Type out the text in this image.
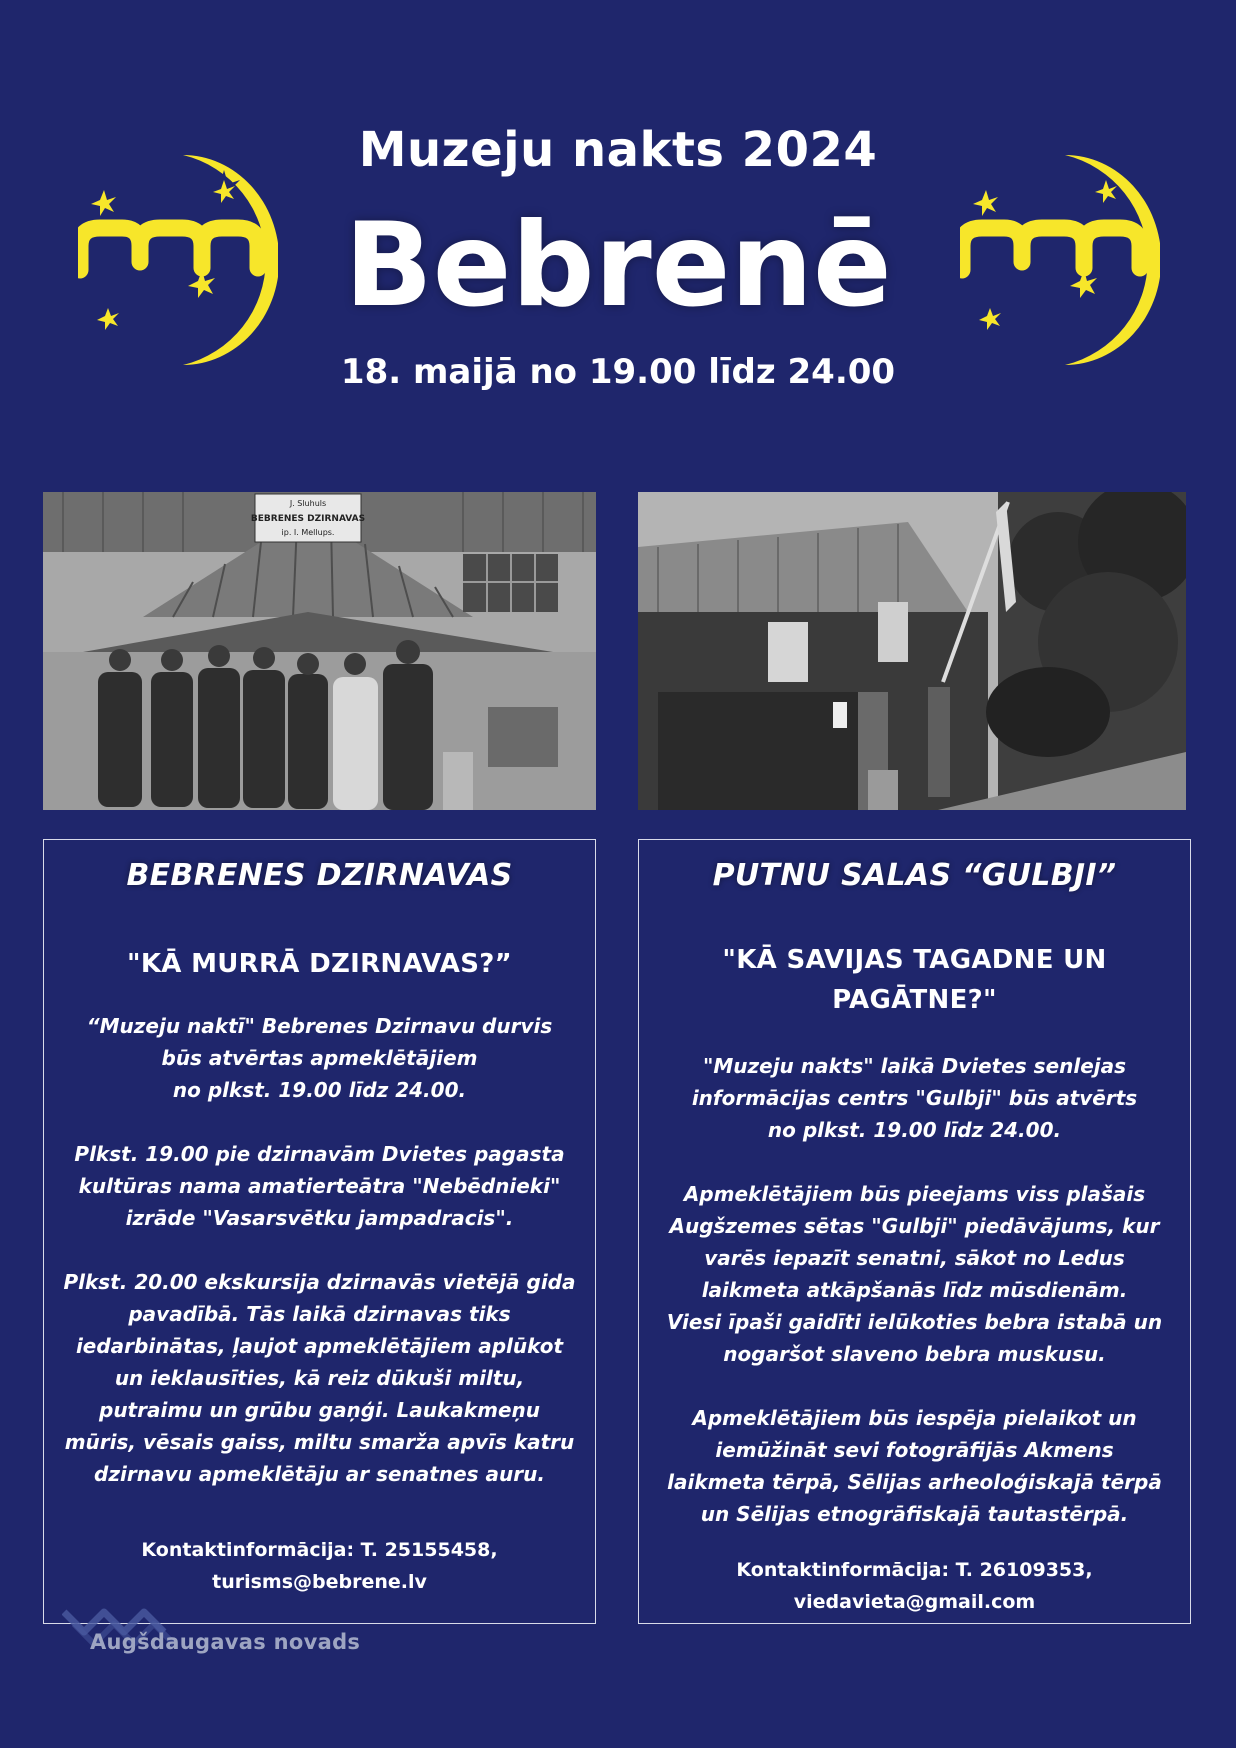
Muzeju nakts 2024
Bebrenē
18. maijā no 19.00 līdz 24.00
J. Sluhuls
BEBRENES DZIRNAVAS
ip. I. Mellups.
BEBRENES DZIRNAVAS
"KĀ MURRĀ DZIRNAVAS?”

“Muzeju naktī" Bebrenes Dzirnavu durvis
būs atvērtas apmeklētājiem
no plkst. 19.00 līdz 24.00.

Plkst. 19.00 pie dzirnavām Dvietes pagasta
kultūras nama amatierteātra "Nebēdnieki"
izrāde "Vasarsvētku jampadracis".

Plkst. 20.00 ekskursija dzirnavās vietējā gida
pavadībā. Tās laikā dzirnavas tiks
iedarbinātas, ļaujot apmeklētājiem aplūkot
un ieklausīties, kā reiz dūkuši miltu,
putraimu un grūbu gaņģi. Laukakmeņu
mūris, vēsais gaiss, miltu smarža apvīs katru
dzirnavu apmeklētāju ar senatnes auru.

Kontaktinformācija: T. 25155458,
turisms@bebrene.lv
PUTNU SALAS “GULBJI”
"KĀ SAVIJAS TAGADNE UN
PAGĀTNE?"

"Muzeju nakts" laikā Dvietes senlejas
informācijas centrs "Gulbji" būs atvērts
no plkst. 19.00 līdz 24.00.

Apmeklētājiem būs pieejams viss plašais
Augšzemes sētas "Gulbji" piedāvājums, kur
varēs iepazīt senatni, sākot no Ledus
laikmeta atkāpšanās līdz mūsdienām.
Viesi īpaši gaidīti ielūkoties bebra istabā un
nogaršot slaveno bebra muskusu.

Apmeklētājiem būs iespēja pielaikot un
iemūžināt sevi fotogrāfijās Akmens
laikmeta tērpā, Sēlijas arheoloģiskajā tērpā
un Sēlijas etnogrāfiskajā tautastērpā.

Kontaktinformācija: T. 26109353,
viedavieta@gmail.com
Augšdaugavas novads
